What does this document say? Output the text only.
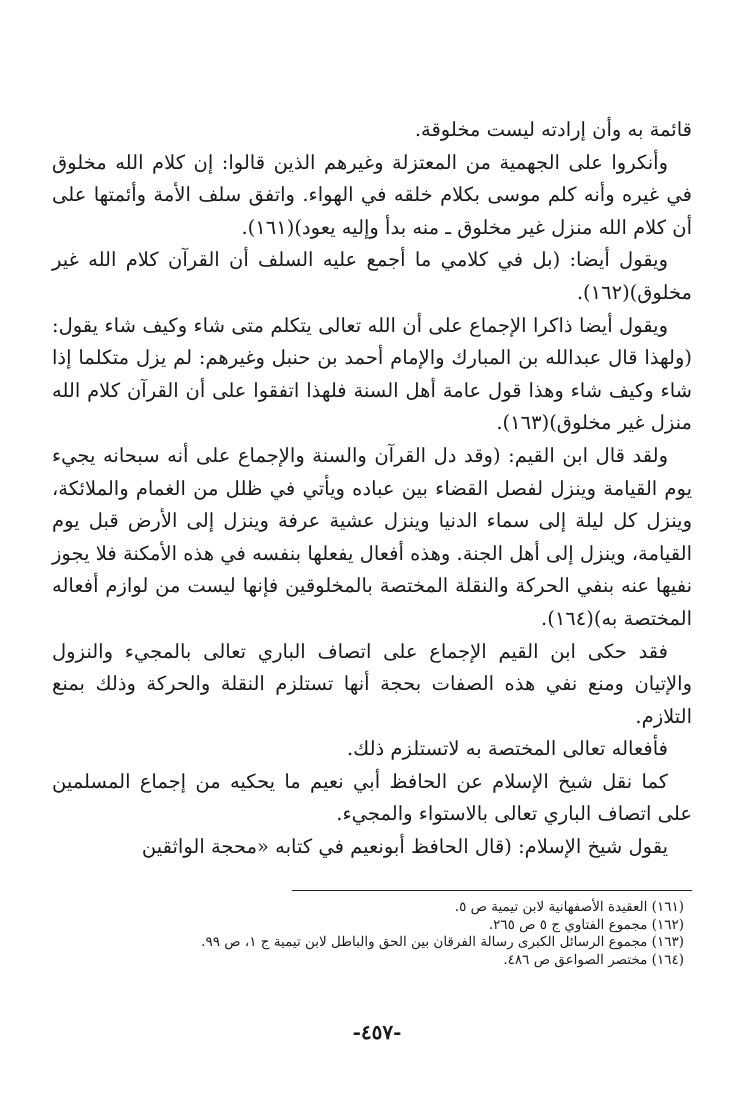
قائمة به وأن إرادته ليست مخلوقة.

وأنكروا على الجهمية من المعتزلة وغيرهم الذين قالوا: إن كلام الله مخلوق في غيره وأنه كلم موسى بكلام خلقه في الهواء. واتفق سلف الأمة وأئمتها على أن كلام الله منزل غير مخلوق ـ منه بدأ وإليه يعود)(١٦١).

ويقول أيضا: (بل في كلامي ما أجمع عليه السلف أن القرآن كلام الله غير مخلوق)(١٦٢).

ويقول أيضا ذاكرا الإجماع على أن الله تعالى يتكلم متى شاء وكيف شاء يقول: (ولهذا قال عبدالله بن المبارك والإمام أحمد بن حنبل وغيرهم: لم يزل متكلما إذا شاء وكيف شاء وهذا قول عامة أهل السنة فلهذا اتفقوا على أن القرآن كلام الله منزل غير مخلوق)(١٦٣).

ولقد قال ابن القيم: (وقد دل القرآن والسنة والإجماع على أنه سبحانه يجيء يوم القيامة وينزل لفصل القضاء بين عباده ويأتي في ظلل من الغمام والملائكة، وينزل كل ليلة إلى سماء الدنيا وينزل عشية عرفة وينزل إلى الأرض قبل يوم القيامة، وينزل إلى أهل الجنة. وهذه أفعال يفعلها بنفسه في هذه الأمكنة فلا يجوز نفيها عنه بنفي الحركة والنقلة المختصة بالمخلوقين فإنها ليست من لوازم أفعاله المختصة به)(١٦٤).

فقد حكى ابن القيم الإجماع على اتصاف الباري تعالى بالمجيء والنزول والإتيان ومنع نفي هذه الصفات بحجة أنها تستلزم النقلة والحركة وذلك بمنع التلازم.

فأفعاله تعالى المختصة به لاتستلزم ذلك.

كما نقل شيخ الإسلام عن الحافظ أبي نعيم ما يحكيه من إجماع المسلمين على اتصاف الباري تعالى بالاستواء والمجيء.

يقول شيخ الإسلام: (قال الحافظ أبونعيم في كتابه «محجة الواثقين

(١٦١) العقيدة الأصفهانية لابن تيمية ص ٥.
(١٦٢) مجموع الفتاوي ج ٥ ص ٢٦٥.
(١٦٣) مجموع الرسائل الكبرى رسالة الفرقان بين الحق والباطل لابن تيمية ج ١، ص ٩٩.
(١٦٤) مختصر الصواعق ص ٤٨٦.
-٤٥٧-
